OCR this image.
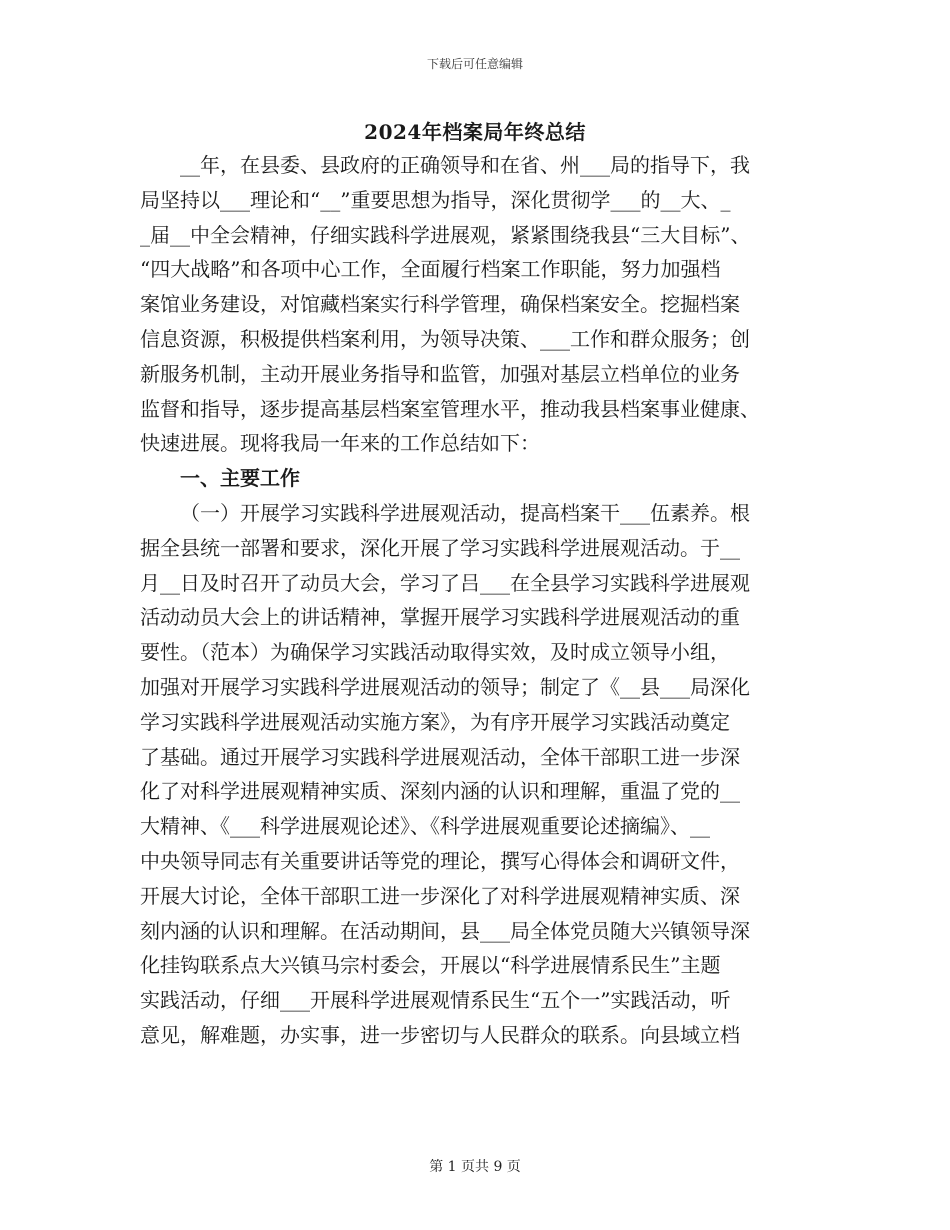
下载后可任意编辑
2024年档案局年终总结
__年，在县委、县政府的正确领导和在省、州___局的指导下，我
局坚持以___理论和“__”重要思想为指导，深化贯彻学___的__大、_
_届__中全会精神，仔细实践科学进展观，紧紧围绕我县“三大目标”、
“四大战略”和各项中心工作，全面履行档案工作职能，努力加强档
案馆业务建设，对馆藏档案实行科学管理，确保档案安全。挖掘档案
信息资源，积极提供档案利用，为领导决策、___工作和群众服务；创
新服务机制，主动开展业务指导和监管，加强对基层立档单位的业务
监督和指导，逐步提高基层档案室管理水平，推动我县档案事业健康、
快速进展。现将我局一年来的工作总结如下：
一、主要工作
（一）开展学习实践科学进展观活动，提高档案干___伍素养。根
据全县统一部署和要求，深化开展了学习实践科学进展观活动。于__
月__日及时召开了动员大会，学习了吕___在全县学习实践科学进展观
活动动员大会上的讲话精神，掌握开展学习实践科学进展观活动的重
要性。（范本）为确保学习实践活动取得实效，及时成立领导小组，
加强对开展学习实践科学进展观活动的领导；制定了《__县___局深化
学习实践科学进展观活动实施方案》，为有序开展学习实践活动奠定
了基础。通过开展学习实践科学进展观活动，全体干部职工进一步深
化了对科学进展观精神实质、深刻内涵的认识和理解，重温了党的__
大精神、《___科学进展观论述》、《科学进展观重要论述摘编》、__
中央领导同志有关重要讲话等党的理论，撰写心得体会和调研文件，
开展大讨论，全体干部职工进一步深化了对科学进展观精神实质、深
刻内涵的认识和理解。在活动期间，县___局全体党员随大兴镇领导深
化挂钩联系点大兴镇马宗村委会，开展以“科学进展情系民生”主题
实践活动，仔细___开展科学进展观情系民生“五个一”实践活动，听
意见，解难题，办实事，进一步密切与人民群众的联系。向县域立档
第 1 页共 9 页
